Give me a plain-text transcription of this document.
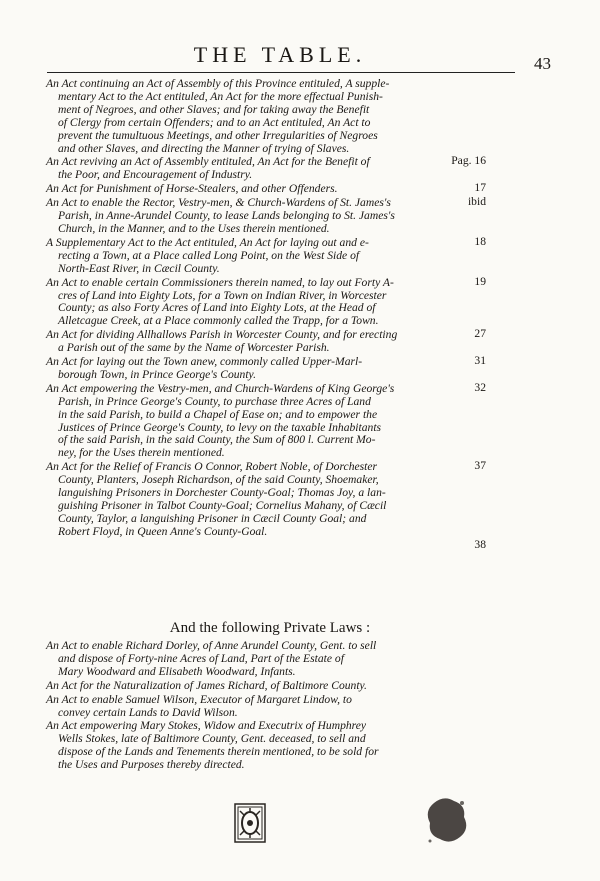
THE TABLE.	43
An Act continuing an Act of Assembly of this Province entituled, A supple-
mentary Act to the Act entituled, An Act for the more effectual Punish-
ment of Negroes, and other Slaves; and for taking away the Benefit
of Clergy from certain Offenders; and to an Act entituled, An Act to
prevent the tumultuous Meetings, and other Irregularities of Negroes
and other Slaves, and directing the Manner of trying of Slaves.
Pag. 16
An Act reviving an Act of Assembly entituled, An Act for the Benefit of
the Poor, and Encouragement of Industry.
17
An Act for Punishment of Horse-Stealers, and other Offenders.
ibid
An Act to enable the Rector, Vestry-men, & Church-Wardens of St. James's
Parish, in Anne-Arundel County, to lease Lands belonging to St. James's
Church, in the Manner, and to the Uses therein mentioned.
18
A Supplementary Act to the Act entituled, An Act for laying out and e-
recting a Town, at a Place called Long Point, on the West Side of
North-East River, in Cæcil County.
19
An Act to enable certain Commissioners therein named, to lay out Forty A-
cres of Land into Eighty Lots, for a Town on Indian River, in Worcester
County; as also Forty Acres of Land into Eighty Lots, at the Head of
Alletcague Creek, at a Place commonly called the Trapp, for a Town.
27
An Act for dividing Allhallows Parish in Worcester County, and for erecting
a Parish out of the same by the Name of Worcester Parish.
31
An Act for laying out the Town anew, commonly called Upper-Marl-
borough Town, in Prince George's County.
32
An Act empowering the Vestry-men, and Church-Wardens of King George's
Parish, in Prince George's County, to purchase three Acres of Land
in the said Parish, to build a Chapel of Ease on; and to empower the
Justices of Prince George's County, to levy on the taxable Inhabitants
of the said Parish, in the said County, the Sum of 800 l. Current Mo-
ney, for the Uses therein mentioned.
37
An Act for the Relief of Francis O Connor, Robert Noble, of Dorchester
County, Planters, Joseph Richardson, of the said County, Shoemaker,
languishing Prisoners in Dorchester County-Goal; Thomas Joy, a lan-
guishing Prisoner in Talbot County-Goal; Cornelius Mahany, of Cæcil
County, Taylor, a languishing Prisoner in Cæcil County Goal; and
Robert Floyd, in Queen Anne's County-Goal.
38
And the following Private Laws :
An Act to enable Richard Dorley, of Anne Arundel County, Gent. to sell
and dispose of Forty-nine Acres of Land, Part of the Estate of
Mary Woodward and Elisabeth Woodward, Infants.
An Act for the Naturalization of James Richard, of Baltimore County.
An Act to enable Samuel Wilson, Executor of Margaret Lindow, to
convey certain Lands to David Wilson.
An Act empowering Mary Stokes, Widow and Executrix of Humphrey
Wells Stokes, late of Baltimore County, Gent. deceased, to sell and
dispose of the Lands and Tenements therein mentioned, to be sold for
the Uses and Purposes thereby directed.
